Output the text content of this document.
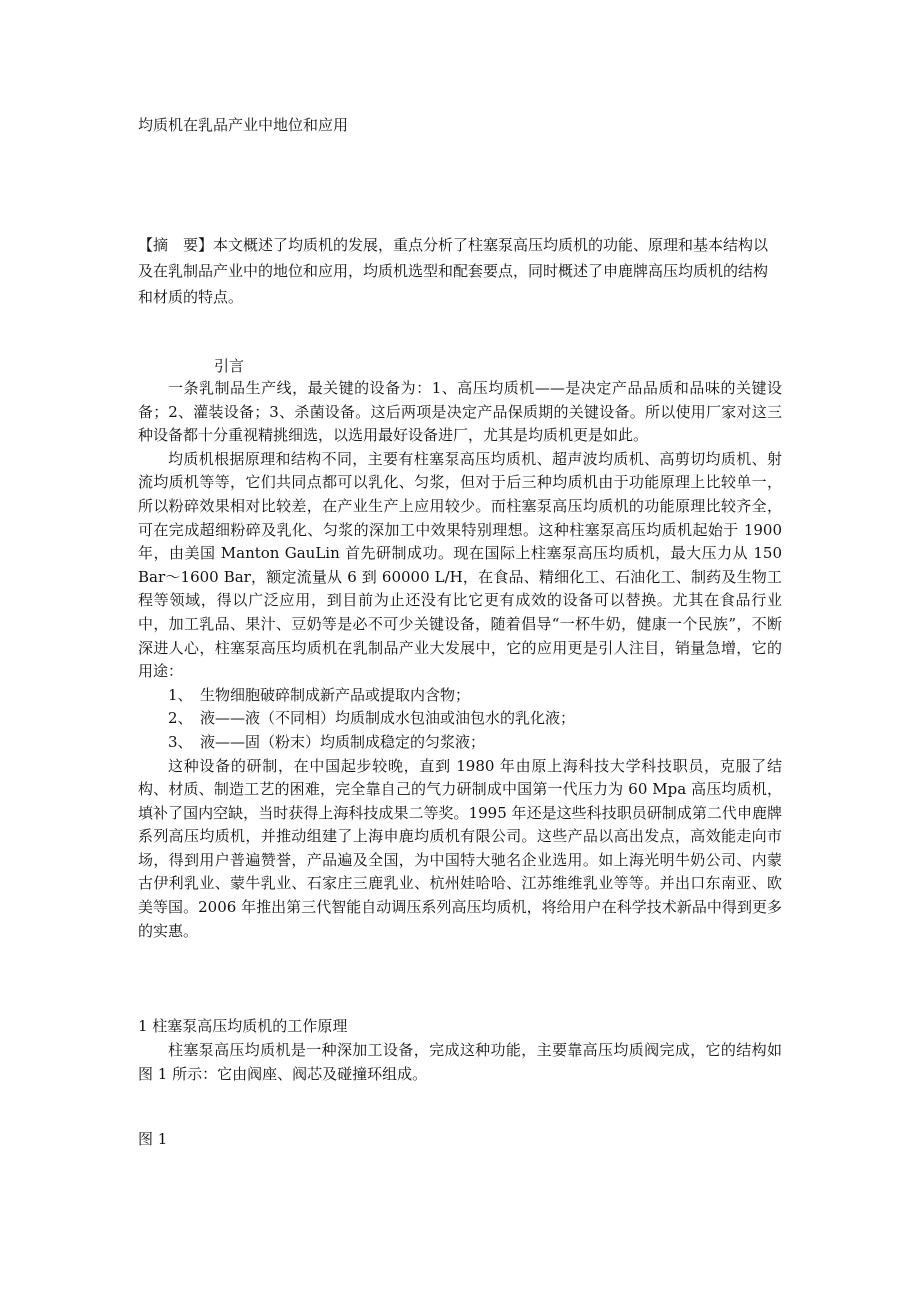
均质机在乳品产业中地位和应用

【摘　要】本文概述了均质机的发展，重点分析了柱塞泵高压均质机的功能、原理和基本结构以及在乳制品产业中的地位和应用，均质机选型和配套要点，同时概述了申鹿牌高压均质机的结构和材质的特点。

引言

一条乳制品生产线，最关键的设备为：1、高压均质机——是决定产品品质和品味的关键设备；2、灌装设备；3、杀菌设备。这后两项是决定产品保质期的关键设备。所以使用厂家对这三种设备都十分重视精挑细选，以选用最好设备进厂，尤其是均质机更是如此。

均质机根据原理和结构不同，主要有柱塞泵高压均质机、超声波均质机、高剪切均质机、射流均质机等等，它们共同点都可以乳化、匀浆，但对于后三种均质机由于功能原理上比较单一，所以粉碎效果相对比较差，在产业生产上应用较少。而柱塞泵高压均质机的功能原理比较齐全，可在完成超细粉碎及乳化、匀浆的深加工中效果特别理想。这种柱塞泵高压均质机起始于 1900 年，由美国 Manton GauLin 首先研制成功。现在国际上柱塞泵高压均质机，最大压力从 150 Bar～1600 Bar，额定流量从 6 到 60000 L/H，在食品、精细化工、石油化工、制药及生物工程等领域，得以广泛应用，到目前为止还没有比它更有成效的设备可以替换。尤其在食品行业中，加工乳品、果汁、豆奶等是必不可少关键设备，随着倡导“一杯牛奶，健康一个民族”，不断深进人心，柱塞泵高压均质机在乳制品产业大发展中，它的应用更是引人注目，销量急增，它的用途：

1、　生物细胞破碎制成新产品或提取内含物；

2、　液——液（不同相）均质制成水包油或油包水的乳化液；

3、　液——固（粉末）均质制成稳定的匀浆液；

这种设备的研制，在中国起步较晚，直到 1980 年由原上海科技大学科技职员，克服了结构、材质、制造工艺的困难，完全靠自己的气力研制成中国第一代压力为 60 Mpa 高压均质机，填补了国内空缺，当时获得上海科技成果二等奖。1995 年还是这些科技职员研制成第二代申鹿牌系列高压均质机，并推动组建了上海申鹿均质机有限公司。这些产品以高出发点，高效能走向市场，得到用户普遍赞誉，产品遍及全国，为中国特大驰名企业选用。如上海光明牛奶公司、内蒙古伊利乳业、蒙牛乳业、石家庄三鹿乳业、杭州娃哈哈、江苏维维乳业等等。并出口东南亚、欧美等国。2006 年推出第三代智能自动调压系列高压均质机，将给用户在科学技术新品中得到更多的实惠。

1 柱塞泵高压均质机的工作原理

柱塞泵高压均质机是一种深加工设备，完成这种功能，主要靠高压均质阀完成，它的结构如图 1 所示：它由阀座、阀芯及碰撞环组成。

图 1
